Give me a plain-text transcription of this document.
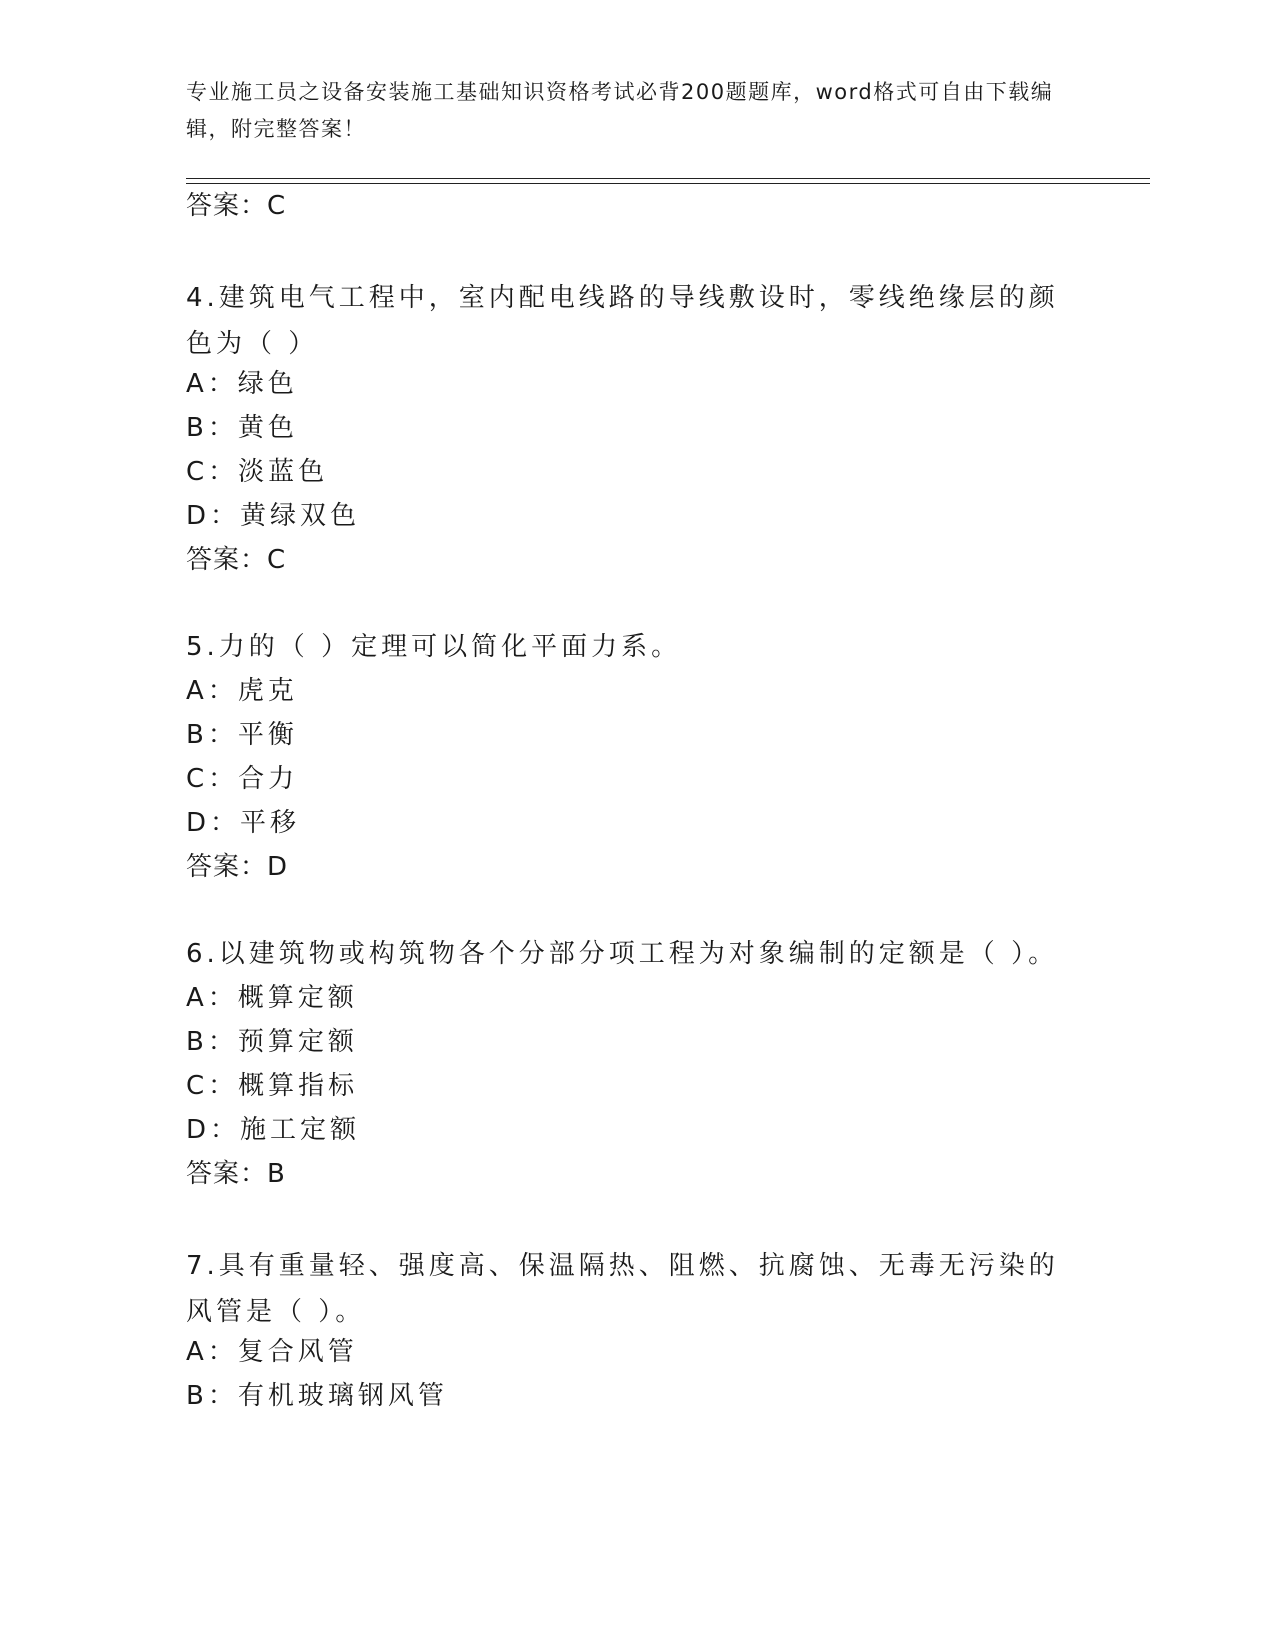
专业施工员之设备安装施工基础知识资格考试必背200题题库，word格式可自由下载编辑，附完整答案！
答案：C
4.建筑电气工程中，室内配电线路的导线敷设时，零线绝缘层的颜色为（ ）
A：绿色
B：黄色
C：淡蓝色
D：黄绿双色
答案：C
5.力的（ ）定理可以简化平面力系。
A：虎克
B：平衡
C：合力
D：平移
答案：D
6.以建筑物或构筑物各个分部分项工程为对象编制的定额是（ ）。
A：概算定额
B：预算定额
C：概算指标
D：施工定额
答案：B
7.具有重量轻、强度高、保温隔热、阻燃、抗腐蚀、无毒无污染的风管是（ ）。
A：复合风管
B：有机玻璃钢风管
